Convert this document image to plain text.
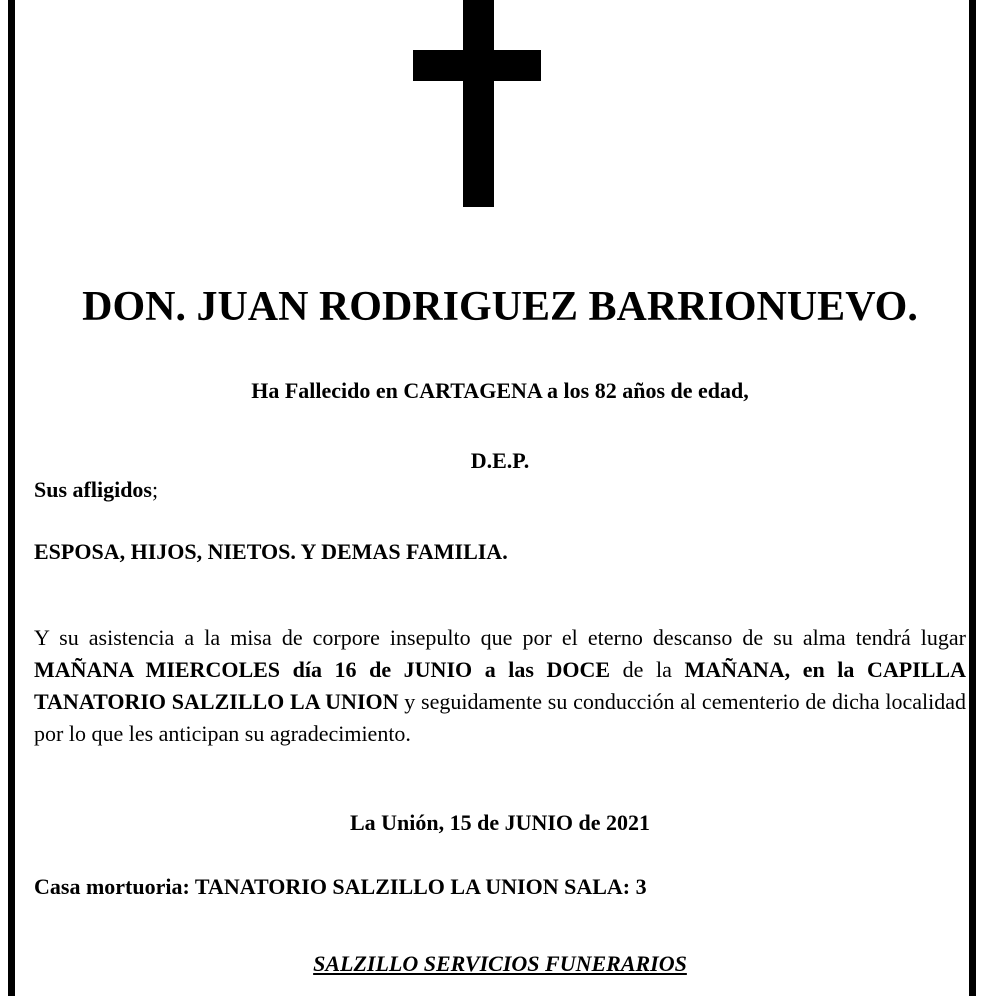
DON. JUAN RODRIGUEZ BARRIONUEVO.
Ha Fallecido en CARTAGENA a los 82 años de edad,
D.E.P.
Sus afligidos;
ESPOSA, HIJOS, NIETOS. Y DEMAS FAMILIA.
Y su asistencia a la misa de corpore insepulto que por el eterno descanso de su alma tendrá lugar MAÑANA MIERCOLES día 16 de JUNIO a las DOCE de la MAÑANA, en la CAPILLA TANATORIO SALZILLO LA UNION y seguidamente su conducción al cementerio de dicha localidad por lo que les anticipan su agradecimiento.
La Unión, 15 de JUNIO de 2021
Casa mortuoria: TANATORIO SALZILLO LA UNION SALA: 3
SALZILLO SERVICIOS FUNERARIOS
